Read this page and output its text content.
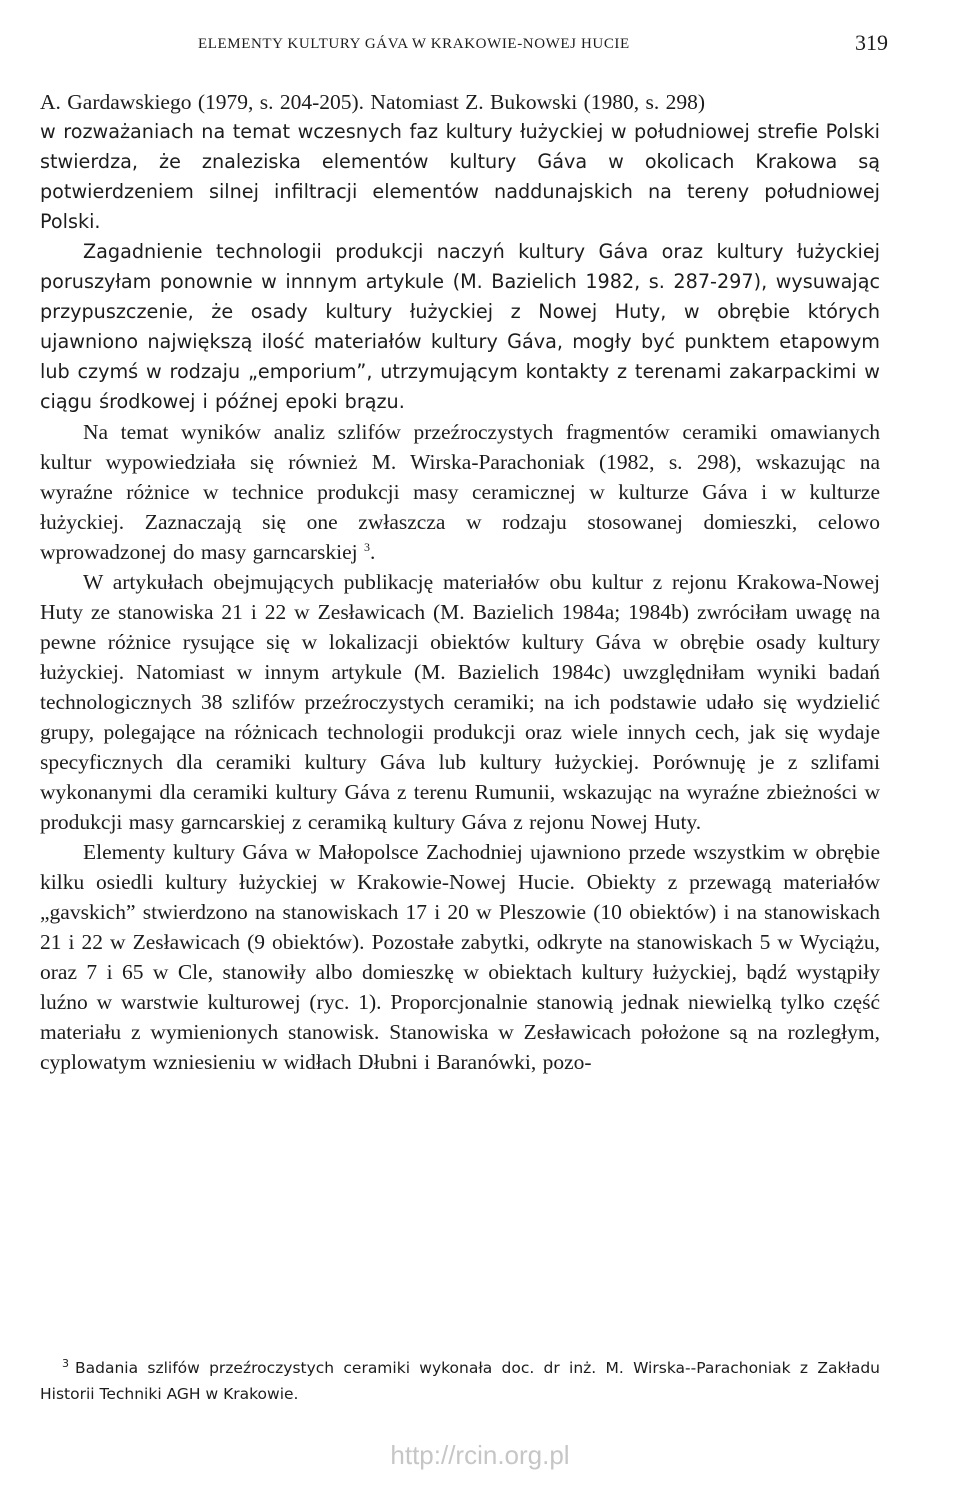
ELEMENTY KULTURY GÁVA W KRAKOWIE-NOWEJ HUCIE	319

A. Gardawskiego (1979, s. 204-205). Natomiast Z. Bukowski (1980, s. 298)

w rozważaniach na temat wczesnych faz kultury łużyckiej w południowej strefie Polski stwierdza, że znaleziska elementów kultury Gáva w okolicach Krakowa są potwierdzeniem silnej infiltracji elementów naddunajskich na tereny południowej Polski.

Zagadnienie technologii produkcji naczyń kultury Gáva oraz kultury łużyckiej poruszyłam ponownie w innnym artykule (M. Bazielich 1982, s. 287-297), wysuwając przypuszczenie, że osady kultury łużyckiej z Nowej Huty, w obrębie których ujawniono największą ilość materiałów kultury Gáva, mogły być punktem etapowym lub czymś w rodzaju „emporium”, utrzymującym kontakty z terenami zakarpackimi w ciągu środkowej i późnej epoki brązu.

Na temat wyników analiz szlifów przeźroczystych fragmentów ceramiki omawianych kultur wypowiedziała się również M. Wirska-Parachoniak (1982, s. 298), wskazując na wyraźne różnice w technice produkcji masy ceramicznej w kulturze Gáva i w kulturze łużyckiej. Zaznaczają się one zwłaszcza w rodzaju stosowanej domieszki, celowo wprowadzonej do masy garncarskiej $^3$.

W artykułach obejmujących publikację materiałów obu kultur z rejonu Krakowa-Nowej Huty ze stanowiska 21 i 22 w Zesławicach (M. Bazielich 1984a; 1984b) zwróciłam uwagę na pewne różnice rysujące się w lokalizacji obiektów kultury Gáva w obrębie osady kultury łużyckiej. Natomiast w innym artykule (M. Bazielich 1984c) uwzględniłam wyniki badań technologicznych 38 szlifów przeźroczystych ceramiki; na ich podstawie udało się wydzielić grupy, polegające na różnicach technologii produkcji oraz wiele innych cech, jak się wydaje specyficznych dla ceramiki kultury Gáva lub kultury łużyckiej. Porównuję je z szlifami wykonanymi dla ceramiki kultury Gáva z terenu Rumunii, wskazując na wyraźne zbieżności w produkcji masy garncarskiej z ceramiką kultury Gáva z rejonu Nowej Huty.

Elementy kultury Gáva w Małopolsce Zachodniej ujawniono przede wszystkim w obrębie kilku osiedli kultury łużyckiej w Krakowie-Nowej Hucie. Obiekty z przewagą materiałów „gavskich” stwierdzono na stanowiskach 17 i 20 w Pleszowie (10 obiektów) i na stanowiskach 21 i 22 w Zesławicach (9 obiektów). Pozostałe zabytki, odkryte na stanowiskach 5 w Wyciążu, oraz 7 i 65 w Cle, stanowiły albo domieszkę w obiektach kultury łużyckiej, bądź wystąpiły luźno w warstwie kulturowej (ryc. 1). Proporcjonalnie stanowią jednak niewielką tylko część materiału z wymienionych stanowisk. Stanowiska w Zesławicach położone są na rozległym, cyplowatym wzniesieniu w widłach Dłubni i Baranówki, pozo-

$^3$ Badania szlifów przeźroczystych ceramiki wykonała doc. dr inż. M. Wirska--Parachoniak z Zakładu Historii Techniki AGH w Krakowie.

http://rcin.org.pl
